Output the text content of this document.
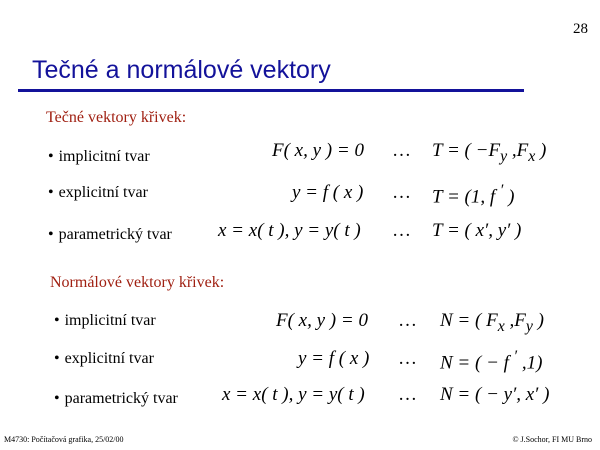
28
Tečné a normálové vektory
Tečné vektory křivek:
• implicitní tvar	F( x, y ) = 0 … T = ( $-F_y$ $,F_x$ )
• explicitní tvar	y = f ( x ) … T = (1, f ′ )
• parametrický tvar x = x( t ), y = y( t ) … T = ( x′, y′ )
Normálové vektory křivek:
• implicitní tvar	F( x, y ) = 0 … N = ( $F_x$ $,F_y$ )
• explicitní tvar	y = f ( x ) … N = ( − f ′ ,1)
• parametrický tvar x = x( t ), y = y( t ) … N = ( − y′, x′ )
M4730: Počítačová grafika, 25/02/00	© J.Sochor, FI MU Brno
